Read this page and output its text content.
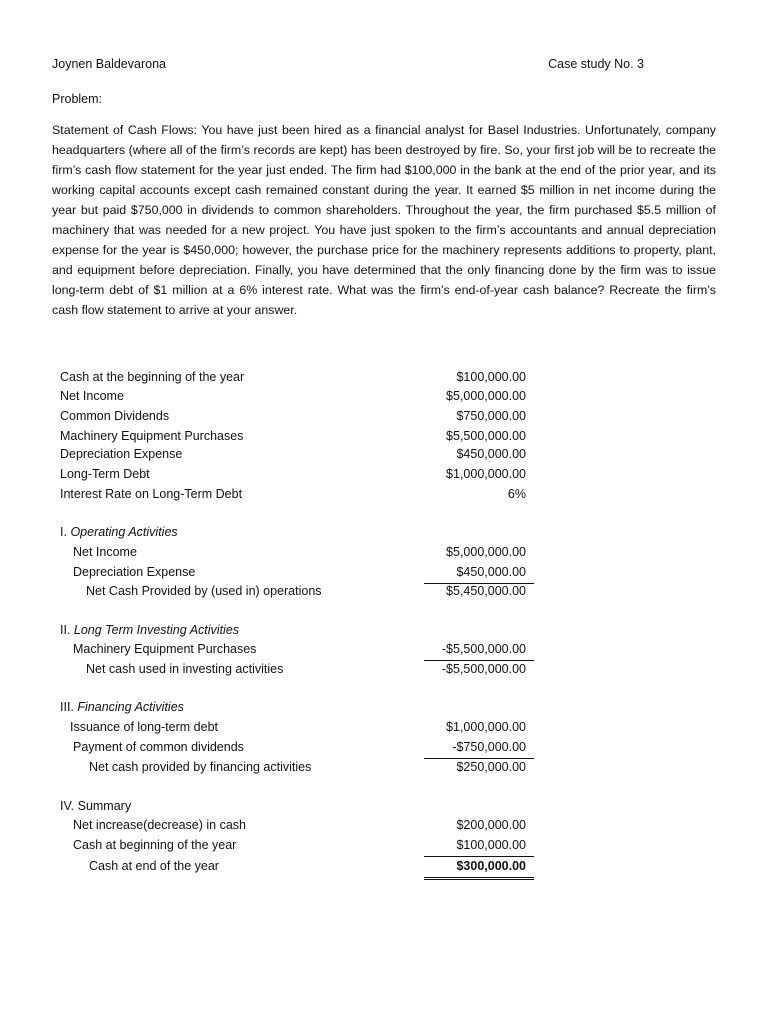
Joynen Baldevarona	Case study No. 3
Problem:
Statement of Cash Flows: You have just been hired as a financial analyst for Basel Industries. Unfortunately, company headquarters (where all of the firm’s records are kept) has been destroyed by fire. So, your first job will be to recreate the firm’s cash flow statement for the year just ended. The firm had $100,000 in the bank at the end of the prior year, and its working capital accounts except cash remained constant during the year. It earned $5 million in net income during the year but paid $750,000 in dividends to common shareholders. Throughout the year, the firm purchased $5.5 million of machinery that was needed for a new project. You have just spoken to the firm’s accountants and annual depreciation expense for the year is $450,000; however, the purchase price for the machinery represents additions to property, plant, and equipment before depreciation. Finally, you have determined that the only financing done by the firm was to issue long-term debt of $1 million at a 6% interest rate. What was the firm’s end-of-year cash balance? Recreate the firm’s cash flow statement to arrive at your answer.
Cash at the beginning of the year	$100,000.00
Net Income	$5,000,000.00
Common Dividends	$750,000.00
Machinery Equipment Purchases	$5,500,000.00
Depreciation Expense	$450,000.00
Long-Term Debt	$1,000,000.00
Interest Rate on Long-Term Debt	6%
I. Operating Activities
Net Income	$5,000,000.00
Depreciation Expense	$450,000.00
Net Cash Provided by (used in) operations	$5,450,000.00
II. Long Term Investing Activities
Machinery Equipment Purchases	-$5,500,000.00
Net cash used in investing activities	-$5,500,000.00
III. Financing Activities
Issuance of long-term debt	$1,000,000.00
Payment of common dividends	-$750,000.00
Net cash provided by financing activities	$250,000.00
IV. Summary
Net increase(decrease) in cash	$200,000.00
Cash at beginning of the year	$100,000.00
Cash at end of the year	$300,000.00
